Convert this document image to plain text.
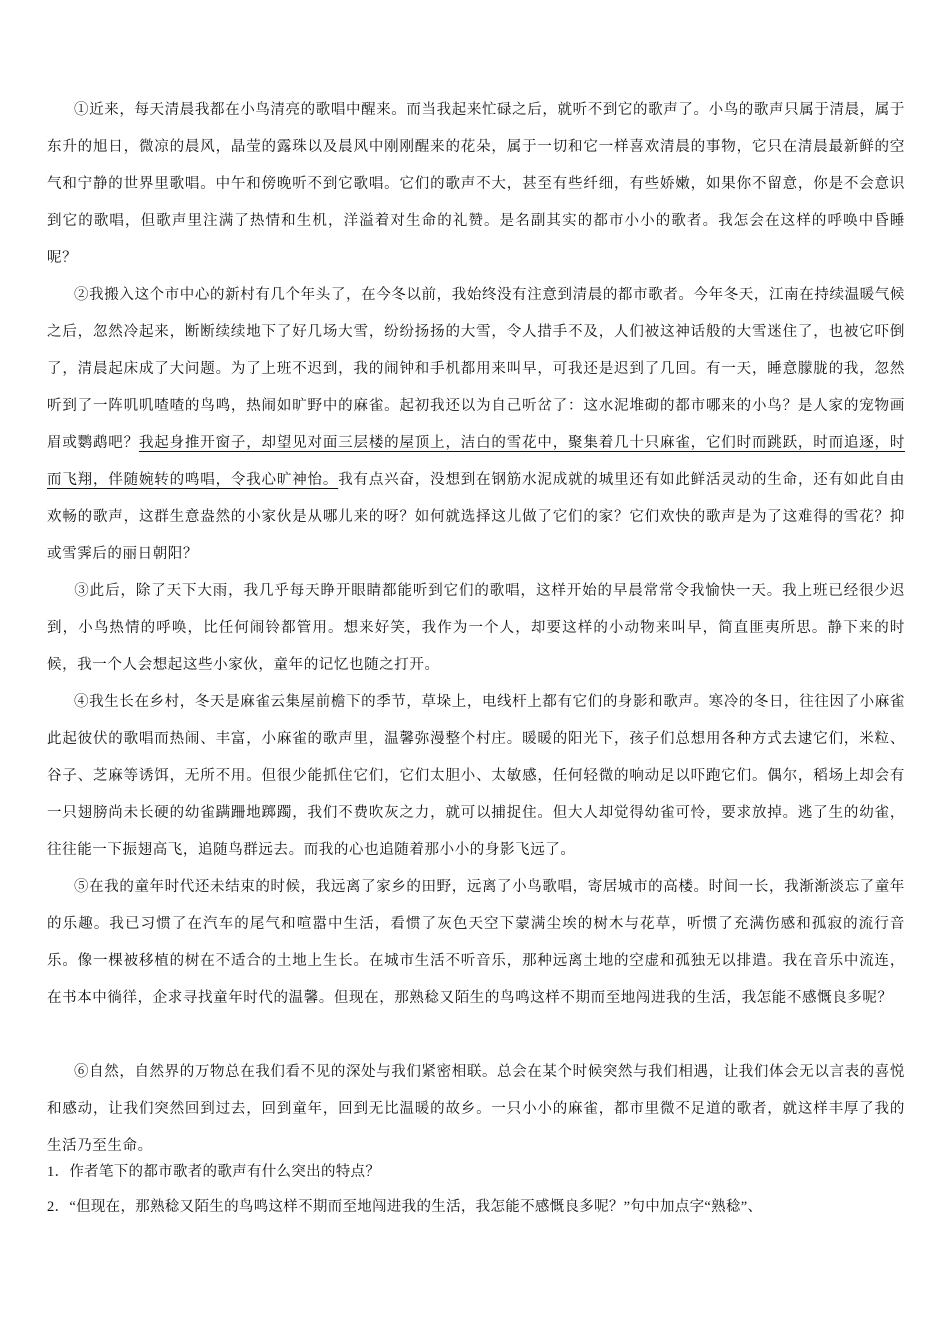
①近来，每天清晨我都在小鸟清亮的歌唱中醒来。而当我起来忙碌之后，就听不到它的歌声了。小鸟的歌声只属于清晨，属于东升的旭日，微凉的晨风，晶莹的露珠以及晨风中刚刚醒来的花朵，属于一切和它一样喜欢清晨的事物，它只在清晨最新鲜的空气和宁静的世界里歌唱。中午和傍晚听不到它歌唱。它们的歌声不大，甚至有些纤细，有些娇嫩，如果你不留意，你是不会意识到它的歌唱，但歌声里注满了热情和生机，洋溢着对生命的礼赞。是名副其实的都市小小的歌者。我怎会在这样的呼唤中昏睡呢？

②我搬入这个市中心的新村有几个年头了，在今冬以前，我始终没有注意到清晨的都市歌者。今年冬天，江南在持续温暖气候之后，忽然冷起来，断断续续地下了好几场大雪，纷纷扬扬的大雪，令人措手不及，人们被这神话般的大雪迷住了，也被它吓倒了，清晨起床成了大问题。为了上班不迟到，我的闹钟和手机都用来叫早，可我还是迟到了几回。有一天，睡意朦胧的我，忽然听到了一阵叽叽喳喳的鸟鸣，热闹如旷野中的麻雀。起初我还以为自己听岔了：这水泥堆砌的都市哪来的小鸟？是人家的宠物画眉或鹦鹉吧？我起身推开窗子，却望见对面三层楼的屋顶上，洁白的雪花中，聚集着几十只麻雀，它们时而跳跃，时而追逐，时而飞翔，伴随婉转的鸣唱，令我心旷神怡。我有点兴奋，没想到在钢筋水泥成就的城里还有如此鲜活灵动的生命，还有如此自由欢畅的歌声，这群生意盎然的小家伙是从哪儿来的呀？如何就选择这儿做了它们的家？它们欢快的歌声是为了这难得的雪花？抑或雪霁后的丽日朝阳？

③此后，除了天下大雨，我几乎每天睁开眼睛都能听到它们的歌唱，这样开始的早晨常常令我愉快一天。我上班已经很少迟到，小鸟热情的呼唤，比任何闹铃都管用。想来好笑，我作为一个人，却要这样的小动物来叫早，简直匪夷所思。静下来的时候，我一个人会想起这些小家伙，童年的记忆也随之打开。

④我生长在乡村，冬天是麻雀云集屋前檐下的季节，草垛上，电线杆上都有它们的身影和歌声。寒冷的冬日，往往因了小麻雀此起彼伏的歌唱而热闹、丰富，小麻雀的歌声里，温馨弥漫整个村庄。暖暖的阳光下，孩子们总想用各种方式去逮它们，米粒、谷子、芝麻等诱饵，无所不用。但很少能抓住它们，它们太胆小、太敏感，任何轻微的响动足以吓跑它们。偶尔，稻场上却会有一只翅膀尚未长硬的幼雀蹒跚地踯躅，我们不费吹灰之力，就可以捕捉住。但大人却觉得幼雀可怜，要求放掉。逃了生的幼雀，往往能一下振翅高飞，追随鸟群远去。而我的心也追随着那小小的身影飞远了。

⑤在我的童年时代还未结束的时候，我远离了家乡的田野，远离了小鸟歌唱，寄居城市的高楼。时间一长，我渐渐淡忘了童年的乐趣。我已习惯了在汽车的尾气和喧嚣中生活，看惯了灰色天空下蒙满尘埃的树木与花草，听惯了充满伤感和孤寂的流行音乐。像一棵被移植的树在不适合的土地上生长。在城市生活不听音乐，那种远离土地的空虚和孤独无以排遣。我在音乐中流连，在书本中徜徉，企求寻找童年时代的温馨。但现在，那熟稔又陌生的鸟鸣这样不期而至地闯进我的生活，我怎能不感慨良多呢？

⑥自然，自然界的万物总在我们看不见的深处与我们紧密相联。总会在某个时候突然与我们相遇，让我们体会无以言表的喜悦和感动，让我们突然回到过去，回到童年，回到无比温暖的故乡。一只小小的麻雀，都市里微不足道的歌者，就这样丰厚了我的生活乃至生命。

1．作者笔下的都市歌者的歌声有什么突出的特点？

2．“但现在，那熟稔又陌生的鸟鸣这样不期而至地闯进我的生活，我怎能不感慨良多呢？”句中加点字“熟稔”、
